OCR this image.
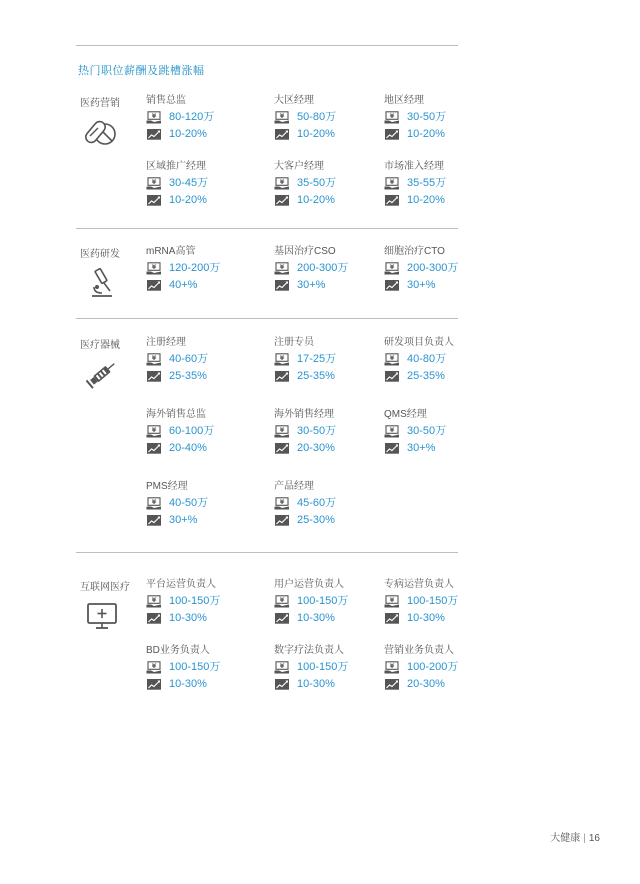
热门职位薪酬及跳槽涨幅
医药营销	销售总监
¥ 80-120万
10-20%
大区经理
¥ 50-80万
10-20%
地区经理
¥ 30-50万
10-20%
区域推广经理
¥ 30-45万
10-20%
大客户经理
¥ 35-50万
10-20%
市场准入经理
¥ 35-55万
10-20%
医药研发	mRNA高管
¥ 120-200万
40+%
基因治疗CSO
¥ 200-300万
30+%
细胞治疗CTO
¥ 200-300万
30+%
医疗器械	注册经理
¥ 40-60万
25-35%
注册专员
¥ 17-25万
25-35%
研发项目负责人
¥ 40-80万
25-35%
海外销售总监
¥ 60-100万
20-40%
海外销售经理
¥ 30-50万
20-30%
QMS经理
¥ 30-50万
30+%
PMS经理
¥ 40-50万
30+%
产品经理
¥ 45-60万
25-30%
互联网医疗 平台运营负责人
¥ 100-150万
10-30%
用户运营负责人
¥ 100-150万
10-30%
专病运营负责人
¥ 100-150万
10-30%
BD业务负责人
¥ 100-150万
10-30%
数字疗法负责人
¥ 100-150万
10-30%
营销业务负责人
¥ 100-200万
20-30%
大健康 | 16
